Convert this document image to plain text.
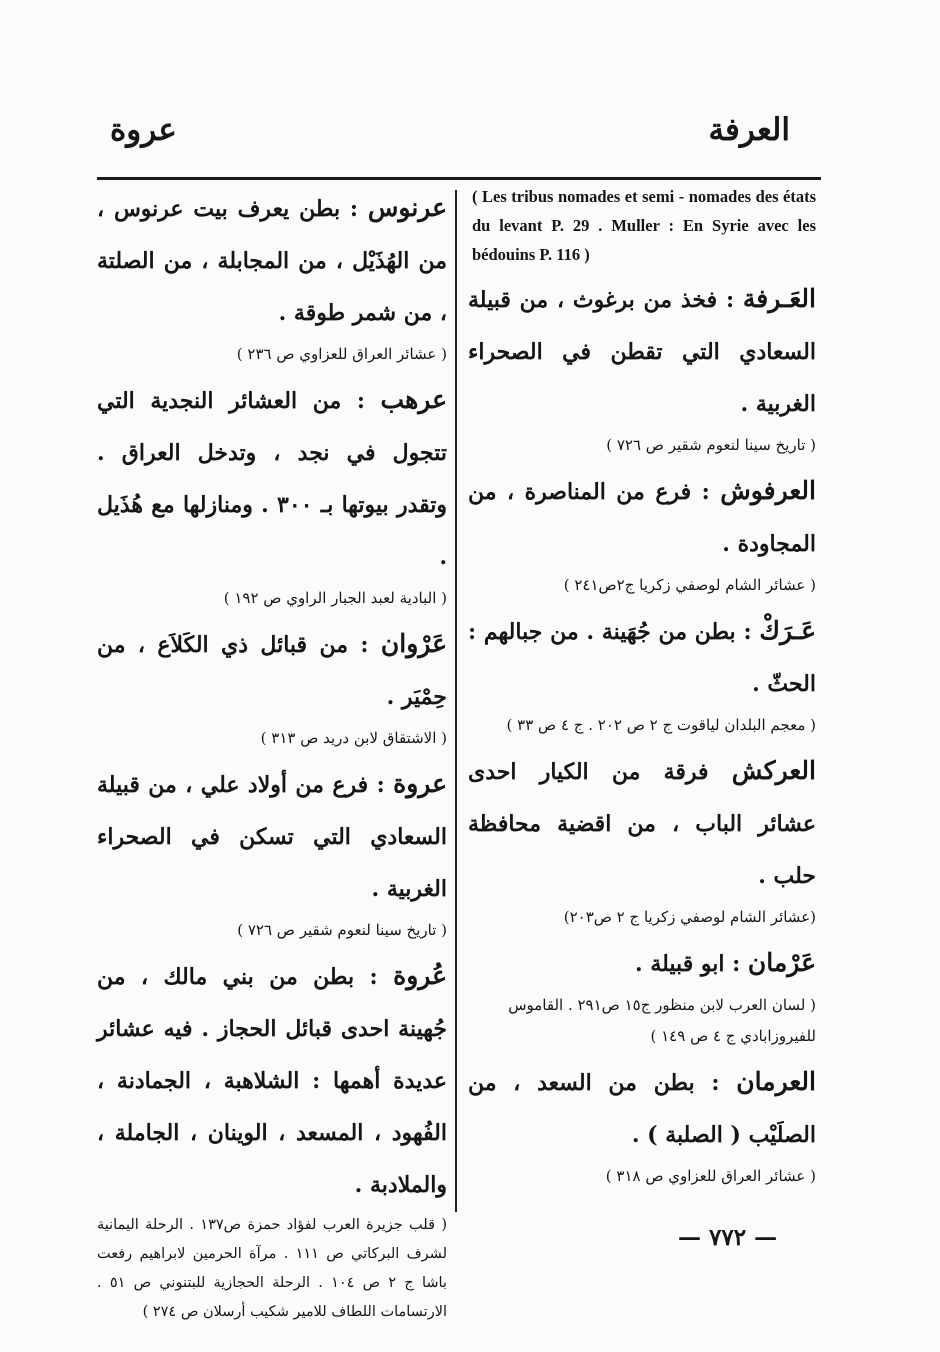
العرفة
عروة

( Les tribus nomades et semi - nomades des états du levant P. 29 . Muller : En Syrie avec les bédouins P. 116 )

العَـرفة : فخذ من برغوث ، من قبيلة السعادي التي تقطن في الصحراء الغربية .

( تاريخ سينا لنعوم شقير ص ٧٢٦ )

العرفوش : فرع من المناصرة ، من المجاودة .

( عشائر الشام لوصفي زكريا ج٢ص٢٤١ )

عَـرَكْ : بطن من جُهَينة . من جبالهم : الحثّ .

( معجم البلدان لياقوت ج ٢ ص ٢٠٢ . ج ٤ ص ٣٣ )

العركش فرقة من الكيار احدى عشائر الباب ، من اقضية محافظة حلب .

(عشائر الشام لوصفي زكريا ج ٢ ص٢٠٣)

عَرْمان : ابو قبيلة .

( لسان العرب لابن منظور ج١٥ ص٢٩١ . القاموس للفيروزابادي ج ٤ ص ١٤٩ )

العرمان : بطن من السعد ، من الصلَيْب ( الصلبة ) .

( عشائر العراق للعزاوي ص ٣١٨ )

عرنوس : بطن يعرف بيت عرنوس ، من الهُذَيْل ، من المجابلة ، من الصلتة ، من شمر طوقة .

( عشائر العراق للعزاوي ص ٢٣٦ )

عرهب : من العشائر النجدية التي تتجول في نجد ، وتدخل العراق . وتقدر بيوتها بـ ٣٠٠ . ومنازلها مع هُذَيل .

( البادية لعبد الجبار الراوي ص ١٩٢ )

عَرْوان : من قبائل ذي الكَلاَع ، من حِمْيَر .

( الاشتقاق لابن دريد ص ٣١٣ )

عروة : فرع من أولاد علي ، من قبيلة السعادي التي تسكن في الصحراء الغربية .

( تاريخ سينا لنعوم شقير ص ٧٢٦ )

عُروة : بطن من بني مالك ، من جُهينة احدى قبائل الحجاز . فيه عشائر عديدة أهمها : الشلاهبة ، الجمادنة ، الفُهود ، المسعد ، الوينان ، الجاملة ، والملادبة .

( قلب جزيرة العرب لفؤاد حمزة ص١٣٧ . الرحلة اليمانية لشرف البركاتي ص ١١١ . مرآة الحرمين لابراهيم رفعت باشا ج ٢ ص ١٠٤ . الرحلة الحجازية للبتنوني ص ٥١ . الارتسامات اللطاف للامير شكيب أرسلان ص ٢٧٤ )

— ٧٧٢ —
